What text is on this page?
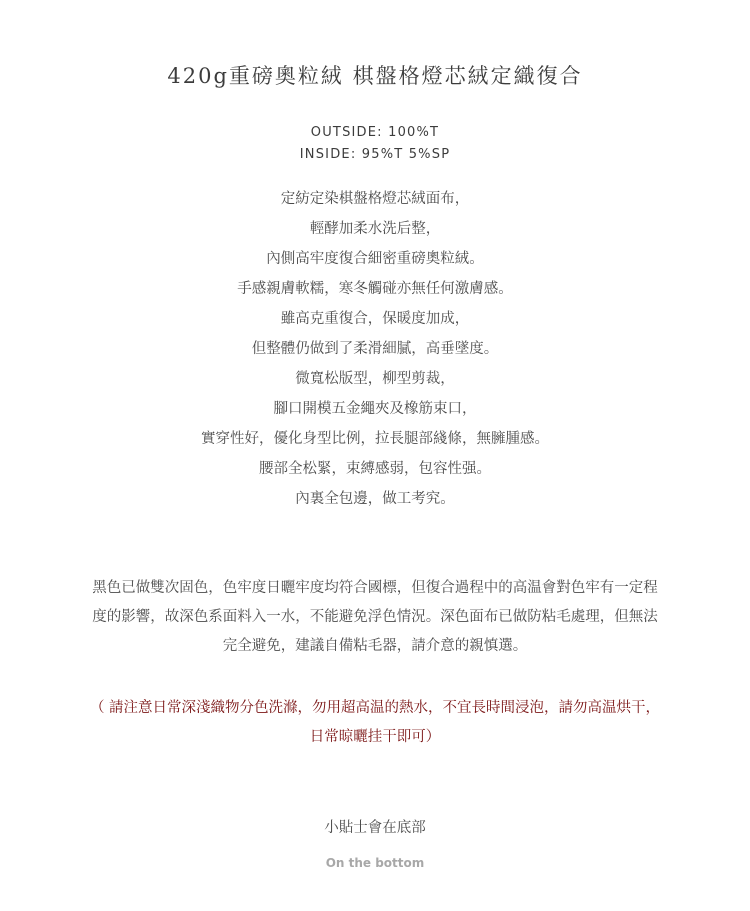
420g重磅奧粒絨 棋盤格燈芯絨定織復合
OUTSIDE: 100%T
INSIDE: 95%T 5%SP
定紡定染棋盤格燈芯絨面布，
輕酵加柔水洗后整，
內側高牢度復合細密重磅奧粒絨。
手感親膚軟糯，寒冬觸碰亦無任何激膚感。
雖高克重復合，保暖度加成，
但整體仍做到了柔滑細膩，高垂墜度。
微寬松版型，柳型剪裁，
腳口開模五金繩夾及橡筋束口，
實穿性好，優化身型比例，拉長腿部綫條，無臃腫感。
腰部全松緊，束縛感弱，包容性强。
內裏全包邊，做工考究。
黑色已做雙次固色，色牢度日曬牢度均符合國標，但復合過程中的高温會對色牢有一定程
度的影響，故深色系面料入一水，不能避免浮色情況。深色面布已做防粘毛處理，但無法
完全避免，建議自備粘毛器，請介意的親慎選。
（ 請注意日常深淺織物分色洗滌，勿用超高温的熱水，不宜長時間浸泡，請勿高温烘干，
日常晾曬挂干即可）
小貼士會在底部
On the bottom
